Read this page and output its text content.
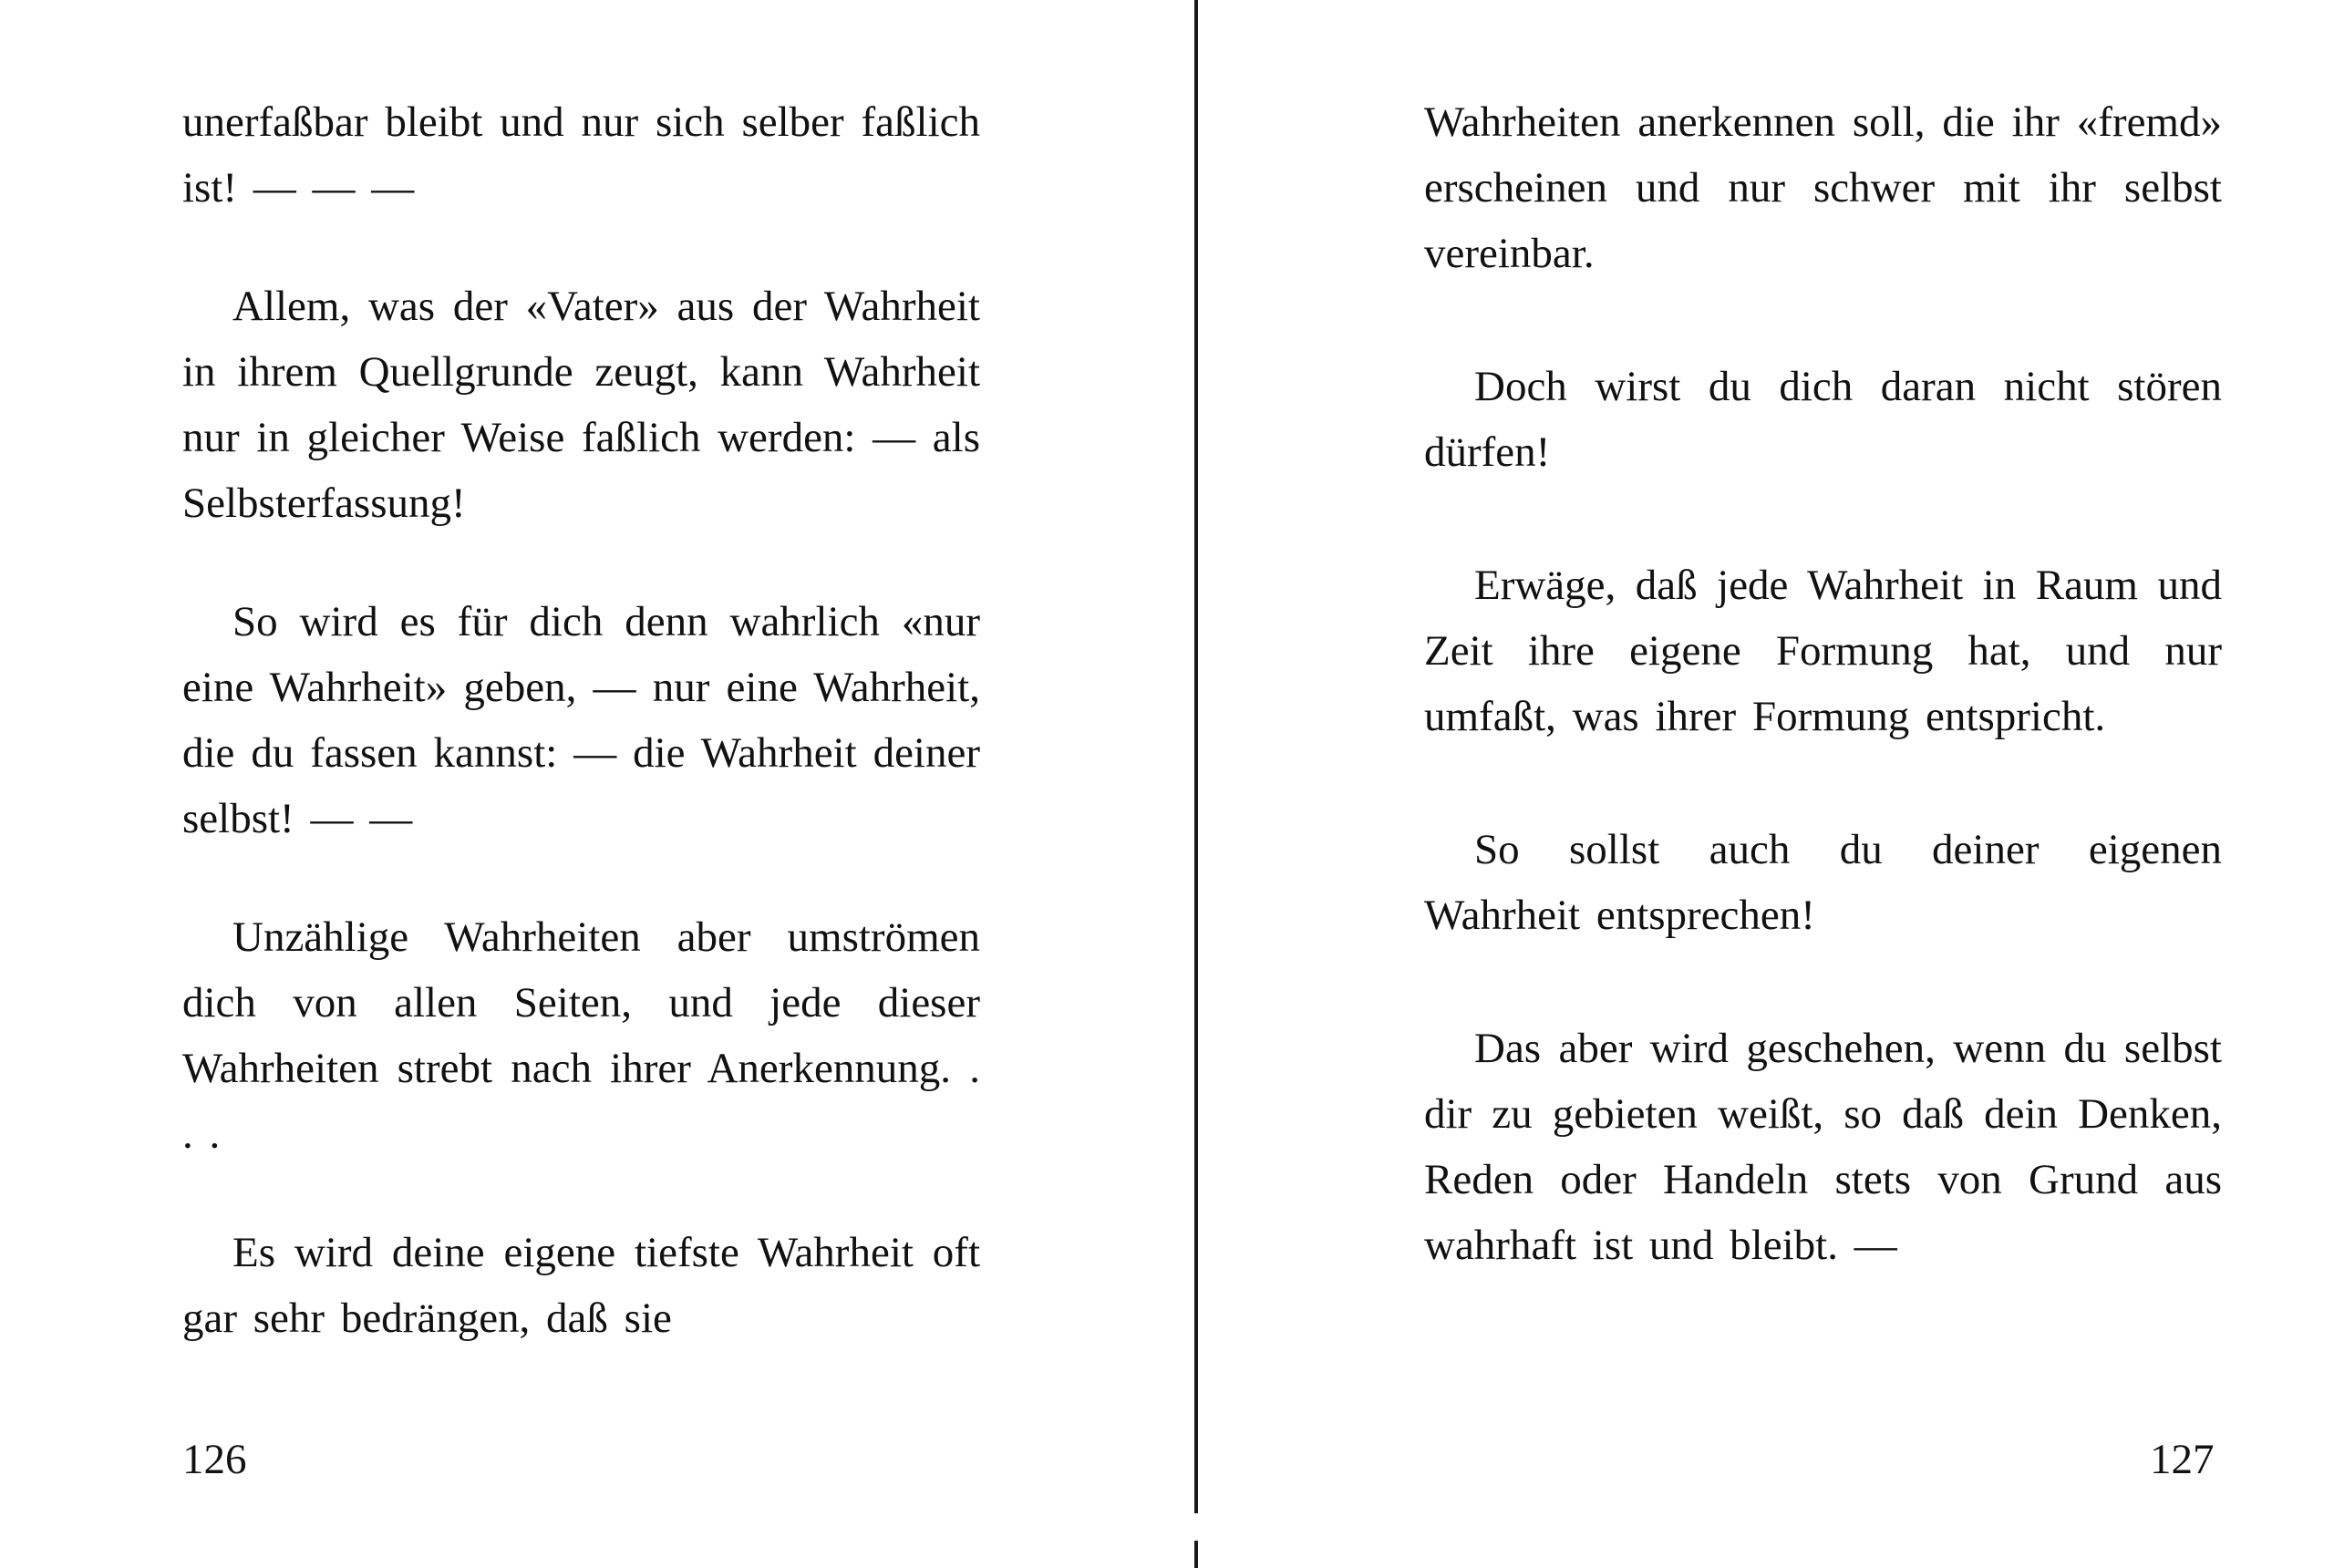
unerfaßbar bleibt und nur sich selber faßlich ist! — — —

Allem, was der «Vater» aus der Wahrheit in ihrem Quellgrunde zeugt, kann Wahrheit nur in gleicher Weise faßlich werden: — als Selbsterfassung!

So wird es für dich denn wahrlich «nur eine Wahrheit» geben, — nur eine Wahrheit, die du fassen kannst: — die Wahrheit deiner selbst! — —

Unzählige Wahrheiten aber umströmen dich von allen Seiten, und jede dieser Wahrheiten strebt nach ihrer Anerkennung. . . .

Es wird deine eigene tiefste Wahrheit oft gar sehr bedrängen, daß sie

126

Wahrheiten anerkennen soll, die ihr «fremd» erscheinen und nur schwer mit ihr selbst vereinbar.

Doch wirst du dich daran nicht stören dürfen!

Erwäge, daß jede Wahrheit in Raum und Zeit ihre eigene Formung hat, und nur umfaßt, was ihrer Formung entspricht.

So sollst auch du deiner eigenen Wahrheit entsprechen!

Das aber wird geschehen, wenn du selbst dir zu gebieten weißt, so daß dein Denken, Reden oder Handeln stets von Grund aus wahrhaft ist und bleibt. —

127
